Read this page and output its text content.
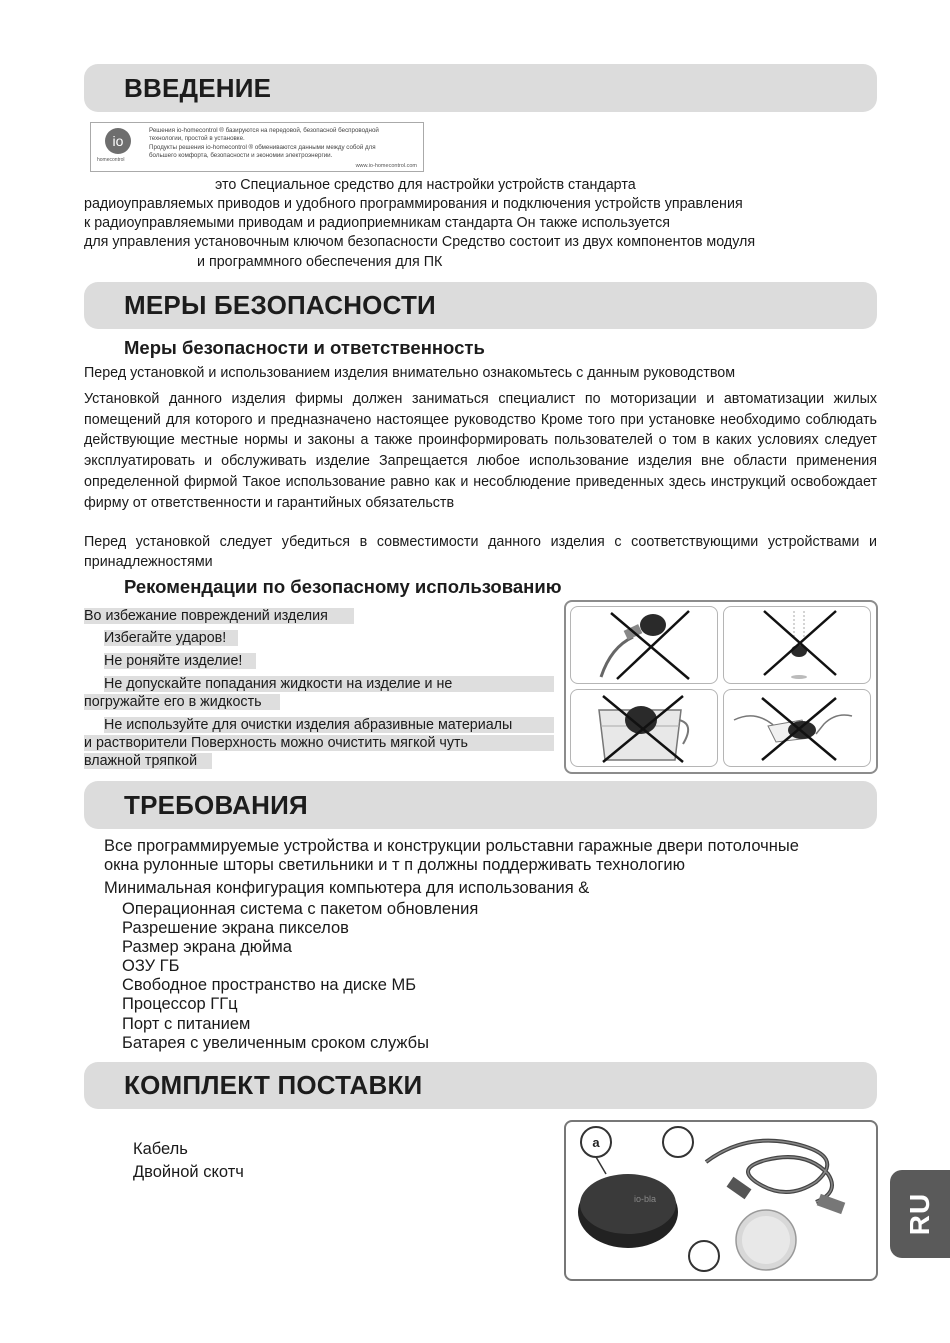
ВВЕДЕНИЕ
io
homecontrol
Решения io-homecontrol ® базируются на передовой, безопасной беспроводной
технологии, простой в установке.
Продукты решения io-homecontrol ® обмениваются данными между собой для
большего комфорта, безопасности и экономии электроэнергии.
www.io-homecontrol.com
это Специальное средство для настройки устройств стандарта
радиоуправляемых приводов и удобного программирования и подключения устройств управления
к радиоуправляемыми приводам и радиоприемникам стандарта Он также используется
для управления установочным ключом безопасности Средство состоит из двух компонентов модуля
и программного обеспечения для ПК
МЕРЫ БЕЗОПАСНОСТИ
Меры безопасности и ответственность

Перед установкой и использованием изделия внимательно ознакомьтесь с данным руководством

Установкой данного изделия фирмы должен заниматься специалист по моторизации и автоматизации жилых помещений для которого и предназначено настоящее руководство Кроме того при установке необходимо соблюдать действующие местные нормы и законы а также проинформировать пользователей о том в каких условиях следует эксплуатировать и обслуживать изделие Запрещается любое использование изделия вне области применения определенной фирмой Такое использование равно как и несоблюдение приведенных здесь инструкций освобождает фирму от ответственности и гарантийных обязательств

Перед установкой следует убедиться в совместимости данного изделия с соответствующими устройствами и принадлежностями

Рекомендации по безопасному использованию
Во избежание повреждений изделия
Избегайте ударов!
Не роняйте изделие!
Не допускайте попадания жидкости на изделие и не
погружайте его в жидкость
Не используйте для очистки изделия абразивные материалы
и растворители Поверхность можно очистить мягкой чуть
влажной тряпкой
ТРЕБОВАНИЯ
Все программируемые устройства и конструкции рольставни гаражные двери потолочные
окна рулонные шторы светильники и т п должны поддерживать технологию
Минимальная конфигурация компьютера для использования &
Операционная система с пакетом обновления
Разрешение экрана пикселов
Размер экрана дюйма
ОЗУ ГБ
Свободное пространство на диске МБ
Процессор ГГц
Порт с питанием
Батарея с увеличенным сроком службы
КОМПЛЕКТ ПОСТАВКИ
Кабель
Двойной скотч
io-bla
a
RU
